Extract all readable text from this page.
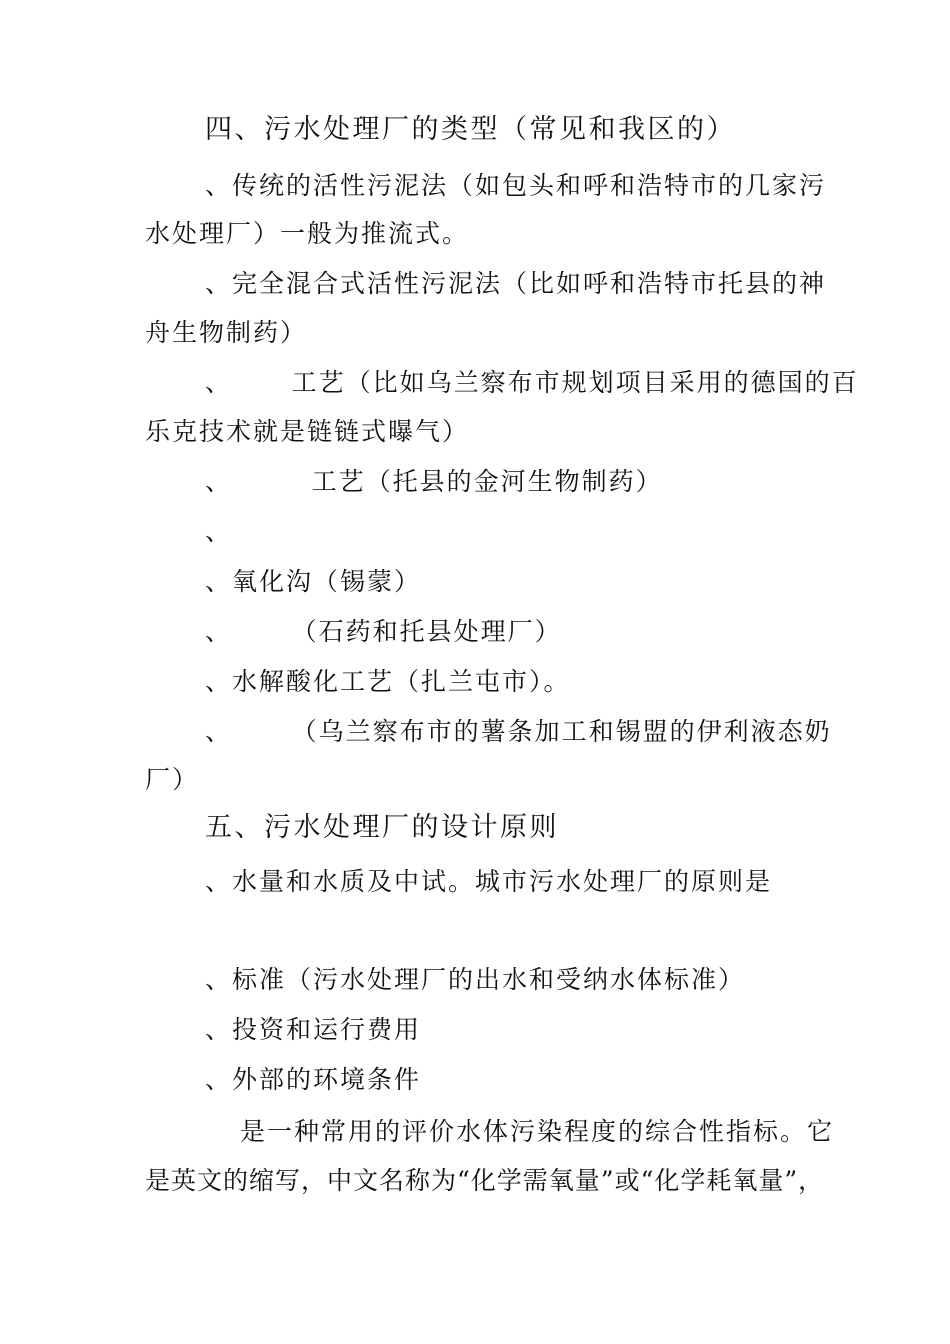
四、污水处理厂的类型（常见和我区的）
、传统的活性污泥法（如包头和呼和浩特市的几家污
水处理厂）一般为推流式。
、完全混合式活性污泥法（比如呼和浩特市托县的神
舟生物制药）
、      工艺（比如乌兰察布市规划项目采用的德国的百
乐克技术就是链链式曝气）
、        工艺（托县的金河生物制药）
、
、氧化沟（锡蒙）
、      （石药和托县处理厂）
、水解酸化工艺（扎兰屯市）。
、      （乌兰察布市的薯条加工和锡盟的伊利液态奶
厂）
五、污水处理厂的设计原则
、水量和水质及中试。城市污水处理厂的原则是
、标准（污水处理厂的出水和受纳水体标准）
、投资和运行费用
、外部的环境条件
是一种常用的评价水体污染程度的综合性指标。它
是英文的缩写，中文名称为“化学需氧量”或“化学耗氧量”，
